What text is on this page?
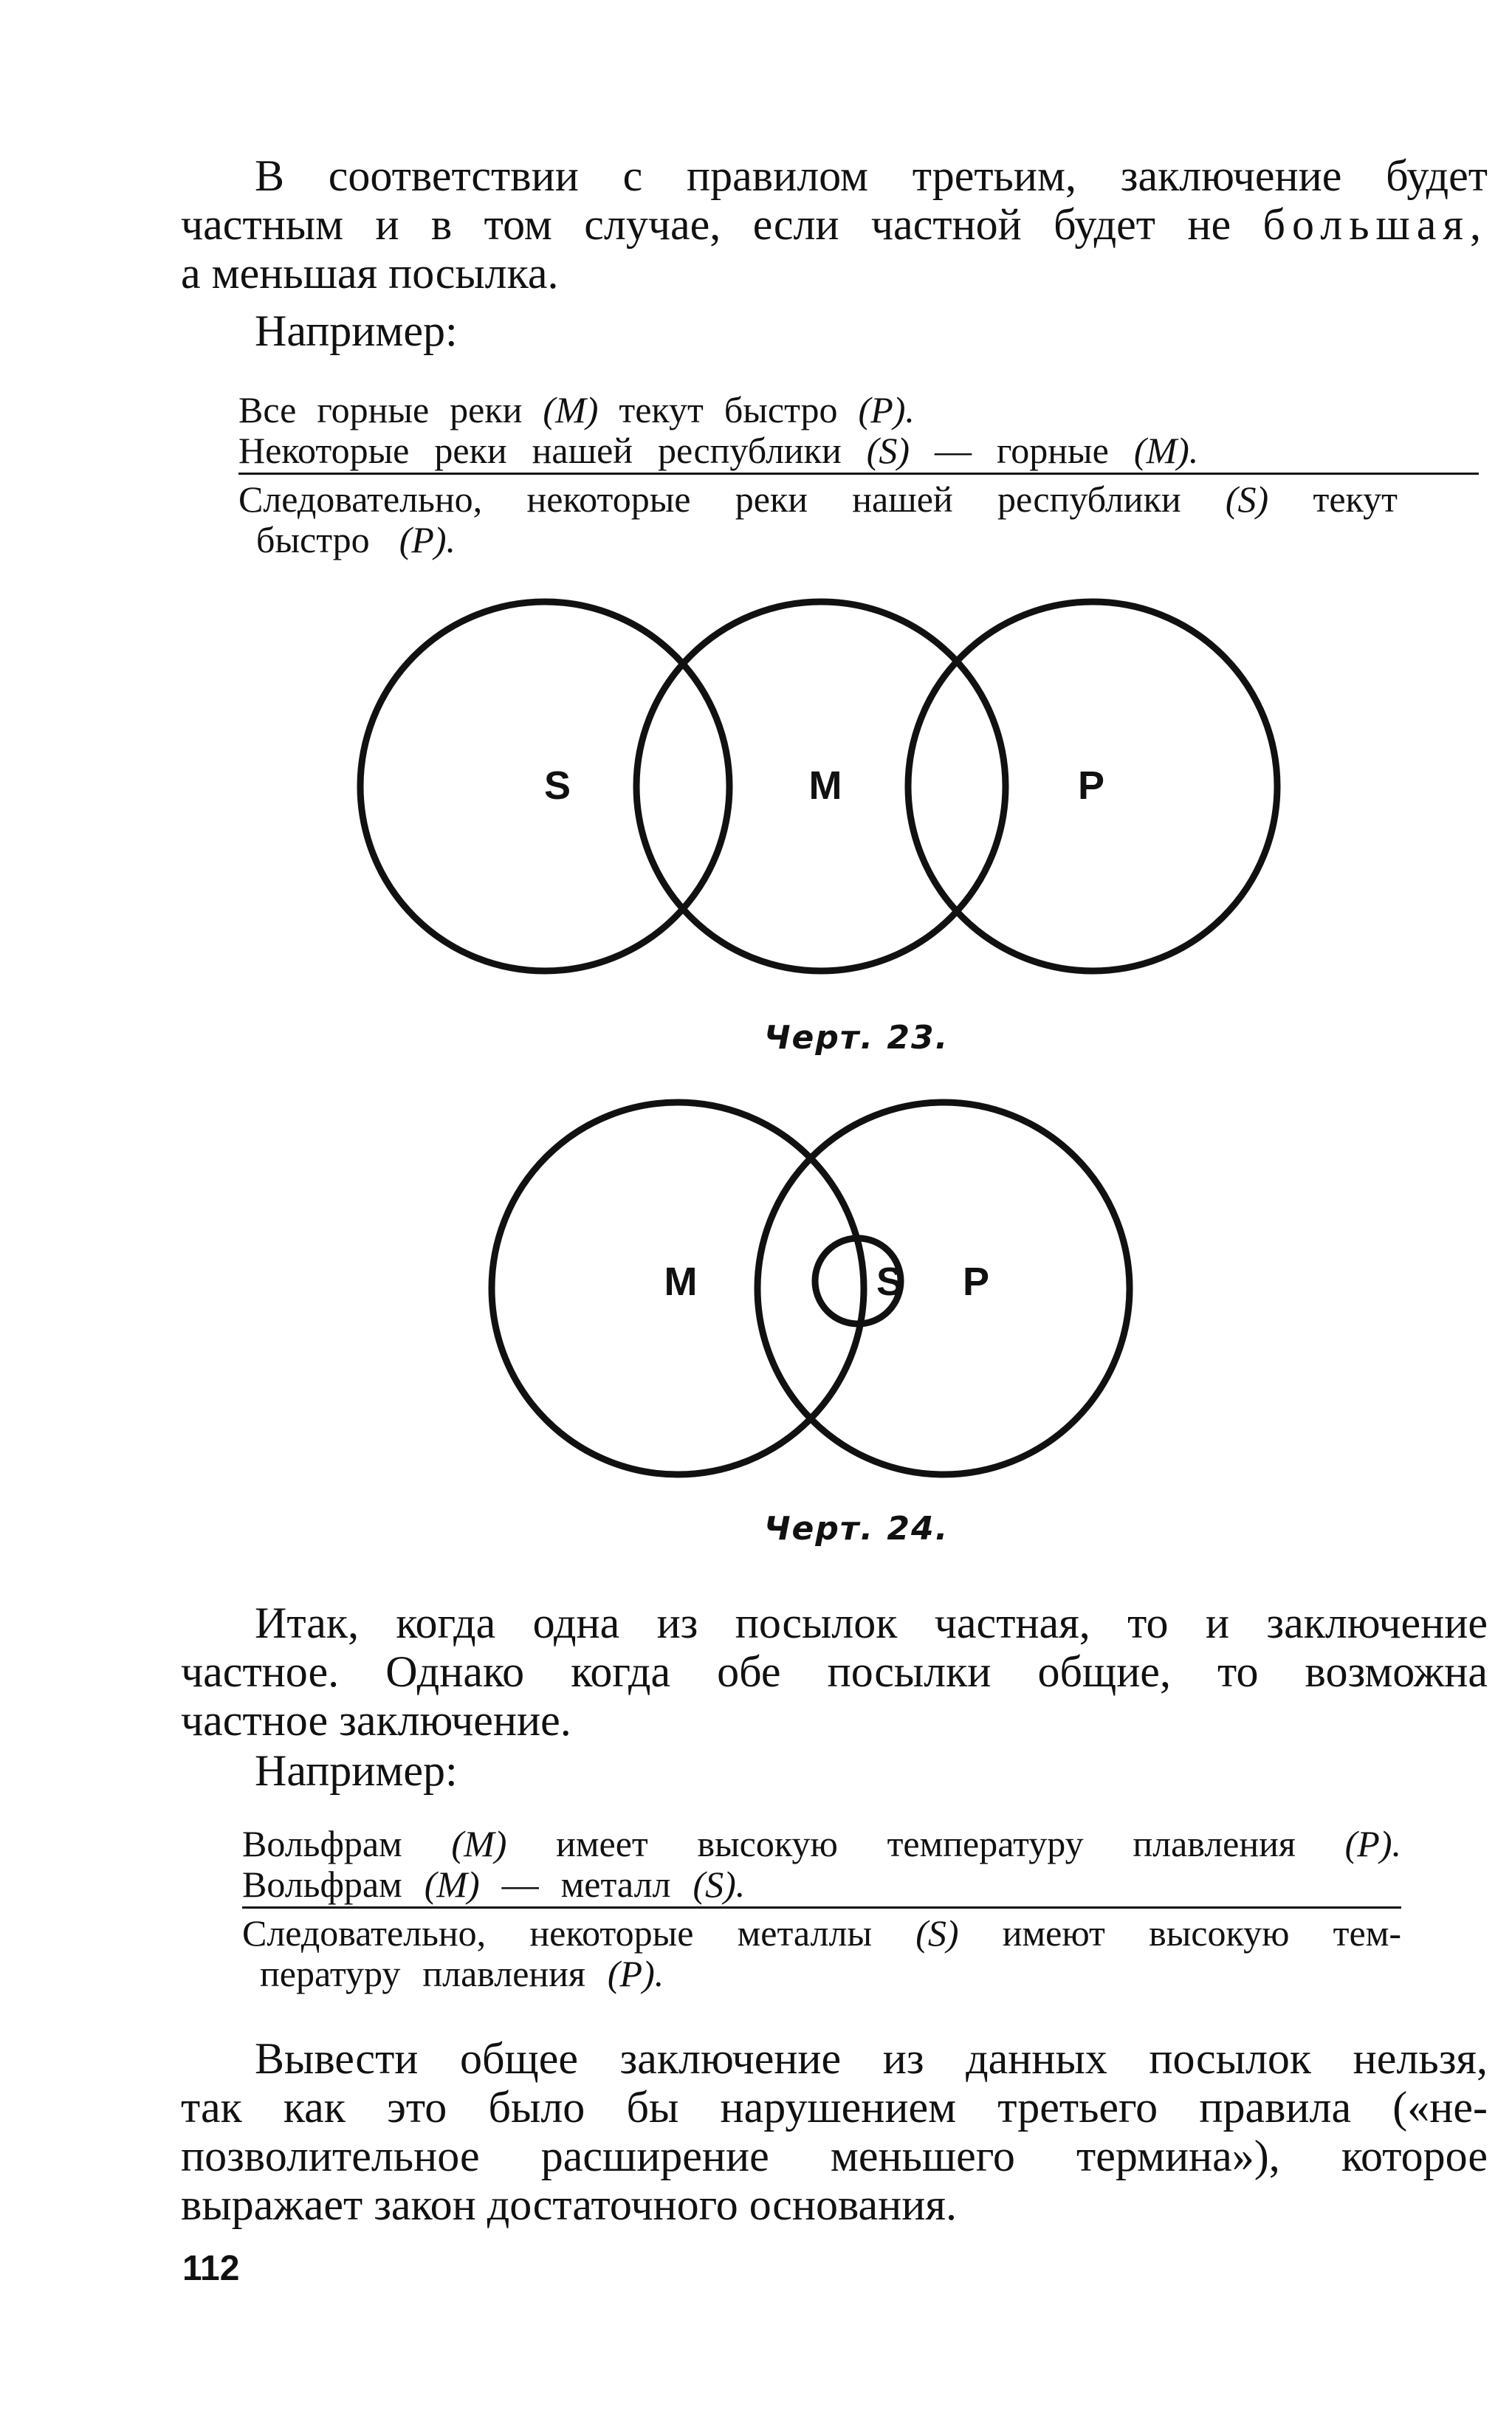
В соответствии с правилом третьим, заключение будет
частным и в том случае, если частной будет не большая,
а меньшая посылка.
Например:
Все горные реки (М) текут быстро (Р).
Некоторые реки нашей республики (S) — горные (М).
Следовательно, некоторые реки нашей республики (S) текут
быстро (Р).
S	M	P
Черт. 23.
M	S P
Черт. 24.
Итак, когда одна из посылок частная, то и заключение
частное. Однако когда обе посылки общие, то возможна
частное заключение.
Например:
Вольфрам (М) имеет высокую температуру плавления (Р).
Вольфрам (М) — металл (S).
Следовательно, некоторые металлы (S) имеют высокую тем-
пературу плавления (Р).
Вывести общее заключение из данных посылок нельзя,
так как это было бы нарушением третьего правила («не-
позволительное расширение меньшего термина»), которое
выражает закон достаточного основания.
112
